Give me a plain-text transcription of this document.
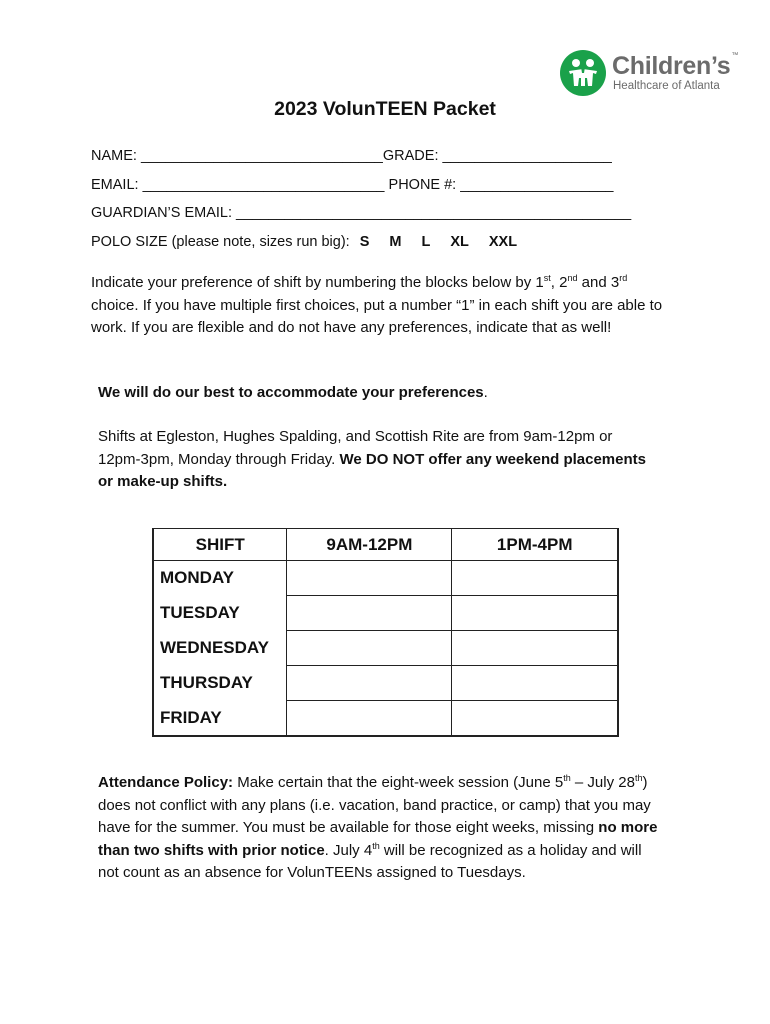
Children’s™
Healthcare of Atlanta
2023 VolunTEEN Packet
NAME: ______________________________GRADE: _____________________
EMAIL: ______________________________ PHONE #: ___________________
GUARDIAN’S EMAIL: _________________________________________________
POLO SIZE (please note, sizes run big): S M L XL XXL
Indicate your preference of shift by numbering the blocks below by 1st, 2nd and 3rd choice. If you have multiple first choices, put a number “1” in each shift you are able to work. If you are flexible and do not have any preferences, indicate that as well!
We will do our best to accommodate your preferences.
Shifts at Egleston, Hughes Spalding, and Scottish Rite are from 9am-12pm or 12pm-3pm, Monday through Friday. We DO NOT offer any weekend placements or make-up shifts.
SHIFT	9AM-12PM	1PM-4PM
MONDAY		
TUESDAY		
WEDNESDAY		
THURSDAY		
FRIDAY		
Attendance Policy: Make certain that the eight-week session (June 5th – July 28th) does not conflict with any plans (i.e. vacation, band practice, or camp) that you may have for the summer. You must be available for those eight weeks, missing no more than two shifts with prior notice. July 4th will be recognized as a holiday and will not count as an absence for VolunTEENs assigned to Tuesdays.
